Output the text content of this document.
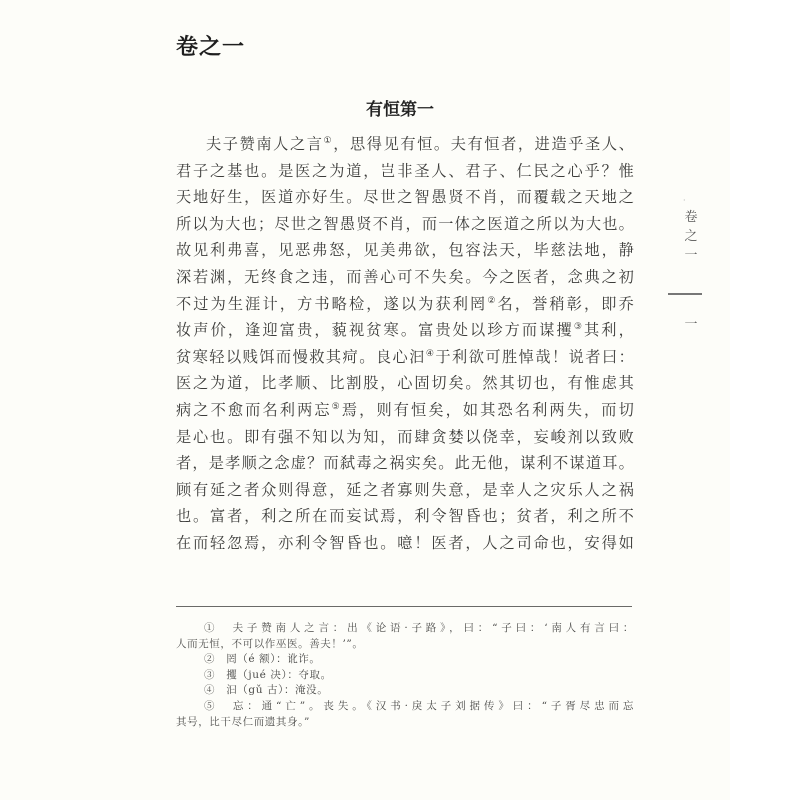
卷之一
有恒第一
夫子赞南人之言①，思得见有恒。夫有恒者，进造乎圣人、
君子之基也。是医之为道，岂非圣人、君子、仁民之心乎？惟
天地好生，医道亦好生。尽世之智愚贤不肖，而覆载之天地之
所以为大也；尽世之智愚贤不肖，而一体之医道之所以为大也。
故见利弗喜，见恶弗怒，见美弗欲，包容法天，毕慈法地，静
深若渊，无终食之违，而善心可不失矣。今之医者，念典之初
不过为生涯计，方书略检，遂以为获利罔②名，誉稍彰，即乔
妆声价，逢迎富贵，藐视贫寒。富贵处以珍方而谋攫③其利，
贫寒轻以贱饵而慢救其疴。良心汩④于利欲可胜悼哉！说者曰：
医之为道，比孝顺、比割股，心固切矣。然其切也，有惟虑其
病之不愈而名利两忘⑤焉，则有恒矣，如其恐名利两失，而切
是心也。即有强不知以为知，而肆贪婪以侥幸，妄峻剂以致败
者，是孝顺之念虚？而弑毒之祸实矣。此无他，谋利不谋道耳。
顾有延之者众则得意，延之者寡则失意，是幸人之灾乐人之祸
也。富者，利之所在而妄试焉，利令智昏也；贫者，利之所不
在而轻忽焉，亦利令智昏也。噫！医者，人之司命也，安得如
①　夫子赞南人之言：出《论语·子路》，曰：“子曰：‘南人有言曰：
人而无恒，不可以作巫医。善夫！’”。
②　罔（é 额）：讹诈。
③　攫（jué 决）：夺取。
④　汩（gǔ 古）：淹没。
⑤　忘：通“亡”。丧失。《汉书·戾太子刘据传》曰：“子胥尽忠而忘
其号，比干尽仁而遗其身。”
·
卷
之
一
一
